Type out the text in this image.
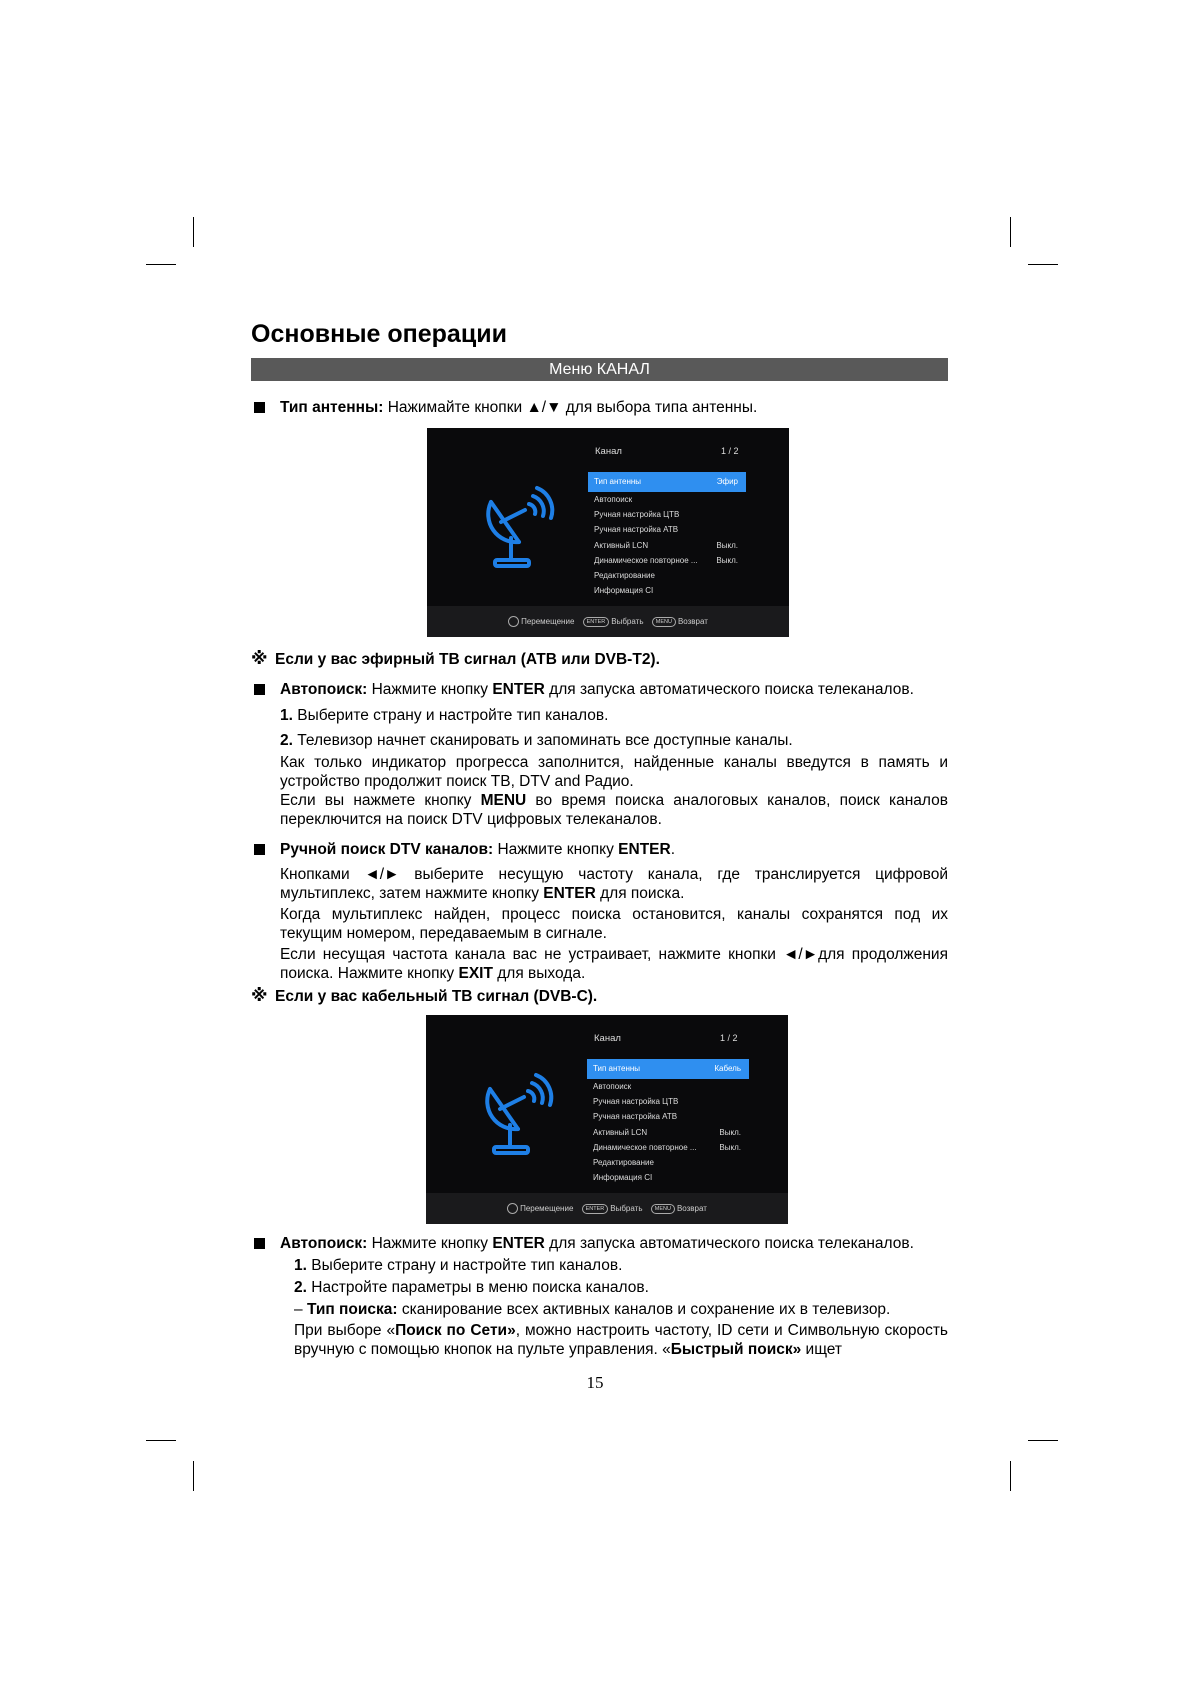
Основные операции
Меню КАНАЛ

Тип антенны: Нажимайте кнопки ▲/▼ для выбора типа антенны.

Канал	1 / 2
Тип антенны	Эфир
Автопоиск
Ручная настройка ЦТВ
Ручная настройка АТВ
Активный LCN	Выкл.
Динамическое повторное ... Выкл.
Редактирование
Информация CI
Перемещение ENTER Выбрать MENU Возврат
※ Если у вас эфирный ТВ сигнал (АТВ или DVB-T2).

Автопоиск: Нажмите кнопку ENTER для запуска автоматического поиска телеканалов.

1. Выберите страну и настройте тип каналов.

2. Телевизор начнет сканировать и запоминать все доступные каналы.

Как только индикатор прогресса заполнится, найденные каналы введутся в память и устройство продолжит поиск ТВ, DTV and Радио.

Если вы нажмете кнопку MENU во время поиска аналоговых каналов, поиск каналов переключится на поиск DTV цифровых телеканалов.

Ручной поиск DTV каналов: Нажмите кнопку ENTER.

Кнопками ◄/► выберите несущую частоту канала, где транслируется цифровой мультиплекс, затем нажмите кнопку ENTER для поиска.

Когда мультиплекс найден, процесс поиска остановится, каналы сохранятся под их текущим номером, передаваемым в сигнале.

Если несущая частота канала вас не устраивает, нажмите кнопки ◄/►для продолжения поиска. Нажмите кнопку EXIT для выхода.

※ Если у вас кабельный ТВ сигнал (DVB-C).

Канал	1 / 2
Тип антенны	Кабель
Автопоиск
Ручная настройка ЦТВ
Ручная настройка АТВ
Активный LCN	Выкл.
Динамическое повторное ...	Выкл.
Редактирование
Информация CI
Перемещение ENTER Выбрать MENU Возврат

Автопоиск: Нажмите кнопку ENTER для запуска автоматического поиска телеканалов.

1. Выберите страну и настройте тип каналов.

2. Настройте параметры в меню поиска каналов.

– Тип поиска: сканирование всех активных каналов и сохранение их в телевизор.

При выборе «Поиск по Сети», можно настроить частоту, ID сети и Символьную скорость вручную с помощью кнопок на пульте управления. «Быстрый поиск» ищет

15
